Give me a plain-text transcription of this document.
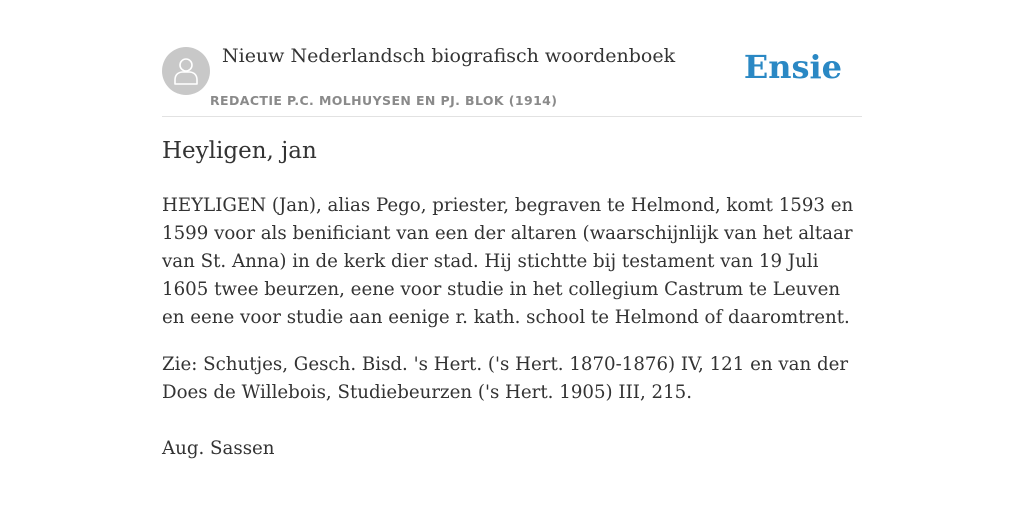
Nieuw Nederlandsch biografisch woordenboek
REDACTIE P.C. MOLHUYSEN EN PJ. BLOK (1914)
Ensie
Heyligen, jan

HEYLIGEN (Jan), alias Pego, priester, begraven te Helmond, komt 1593 en 1599 voor als benificiant van een der altaren (waarschijnlijk van het altaar van St. Anna) in de kerk dier stad. Hij stichtte bij testament van 19 Juli 1605 twee beurzen, eene voor studie in het collegium Castrum te Leuven en eene voor studie aan eenige r. kath. school te Helmond of daaromtrent.

Zie: Schutjes, Gesch. Bisd. 's Hert. ('s Hert. 1870-1876) IV, 121 en van der Does de Willebois, Studiebeurzen ('s Hert. 1905) III, 215.

Aug. Sassen
